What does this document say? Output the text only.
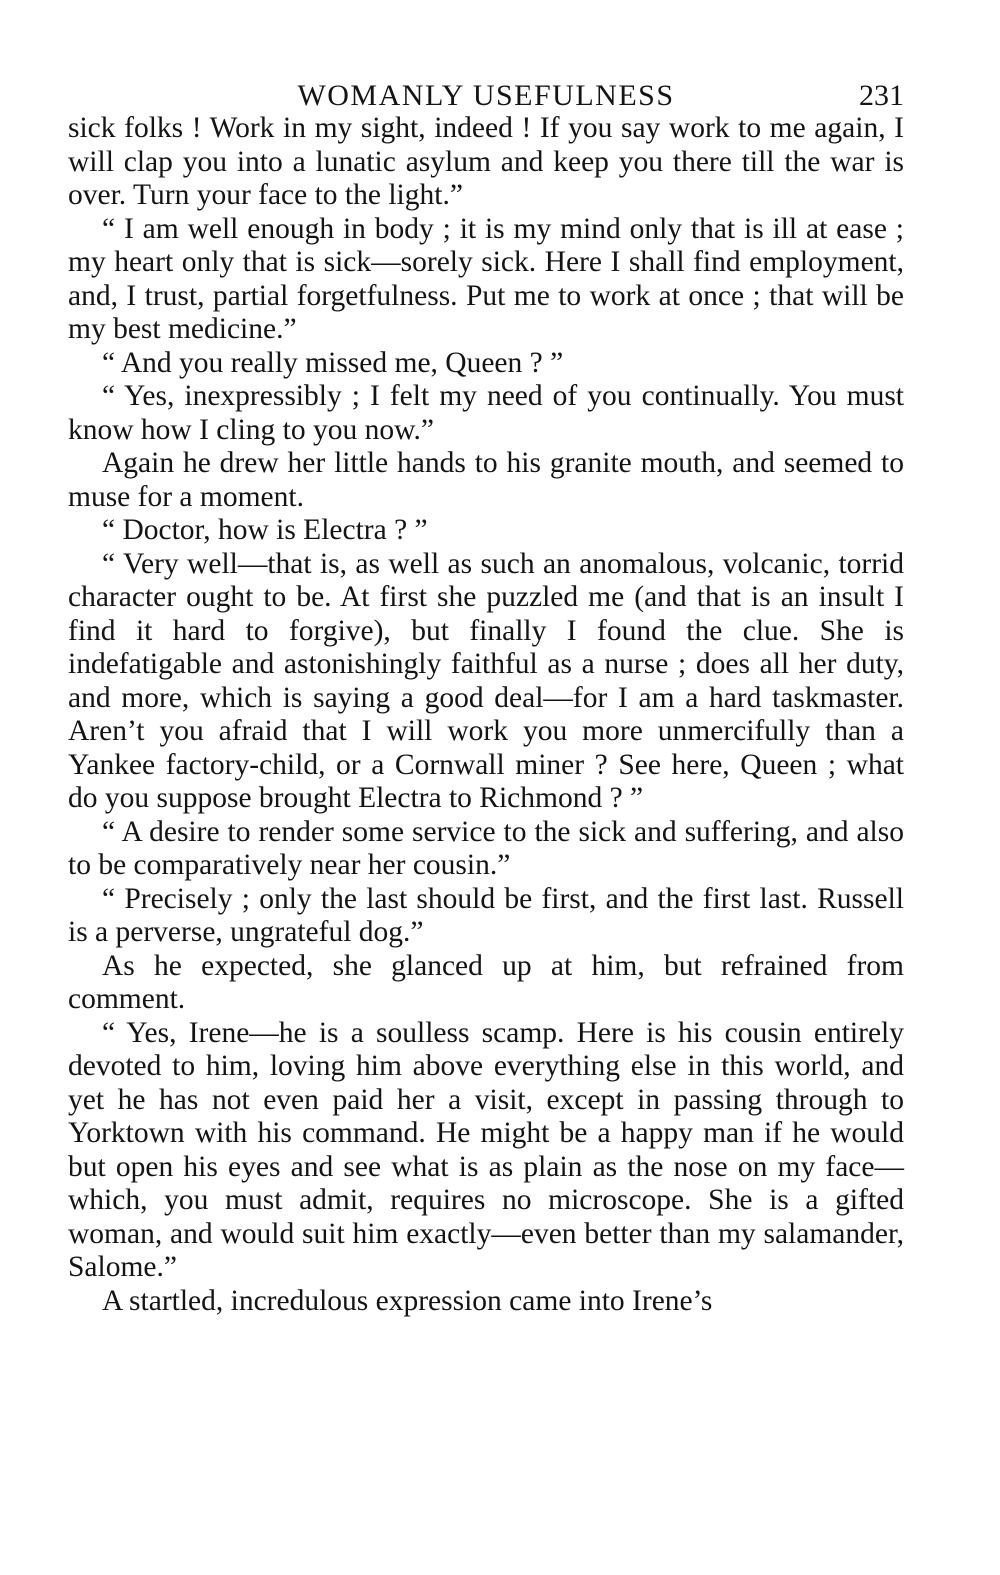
WOMANLY USEFULNESS	231

sick folks ! Work in my sight, indeed ! If you say work to me again, I will clap you into a lunatic asylum and keep you there till the war is over. Turn your face to the light.”

“ I am well enough in body ; it is my mind only that is ill at ease ; my heart only that is sick—sorely sick. Here I shall find employment, and, I trust, partial forgetfulness. Put me to work at once ; that will be my best medicine.”

“ And you really missed me, Queen ? ”

“ Yes, inexpressibly ; I felt my need of you continually. You must know how I cling to you now.”

Again he drew her little hands to his granite mouth, and seemed to muse for a moment.

“ Doctor, how is Electra ? ”

“ Very well—that is, as well as such an anomalous, volcanic, torrid character ought to be. At first she puzzled me (and that is an insult I find it hard to forgive), but finally I found the clue. She is indefatigable and astonishingly faithful as a nurse ; does all her duty, and more, which is saying a good deal—for I am a hard taskmaster. Aren’t you afraid that I will work you more unmercifully than a Yankee factory-child, or a Cornwall miner ? See here, Queen ; what do you suppose brought Electra to Richmond ? ”

“ A desire to render some service to the sick and suffering, and also to be comparatively near her cousin.”

“ Precisely ; only the last should be first, and the first last. Russell is a perverse, ungrateful dog.”

As he expected, she glanced up at him, but refrained from comment.

“ Yes, Irene—he is a soulless scamp. Here is his cousin entirely devoted to him, loving him above everything else in this world, and yet he has not even paid her a visit, except in passing through to Yorktown with his command. He might be a happy man if he would but open his eyes and see what is as plain as the nose on my face—which, you must admit, requires no microscope. She is a gifted woman, and would suit him exactly—even better than my salamander, Salome.”

A startled, incredulous expression came into Irene’s
